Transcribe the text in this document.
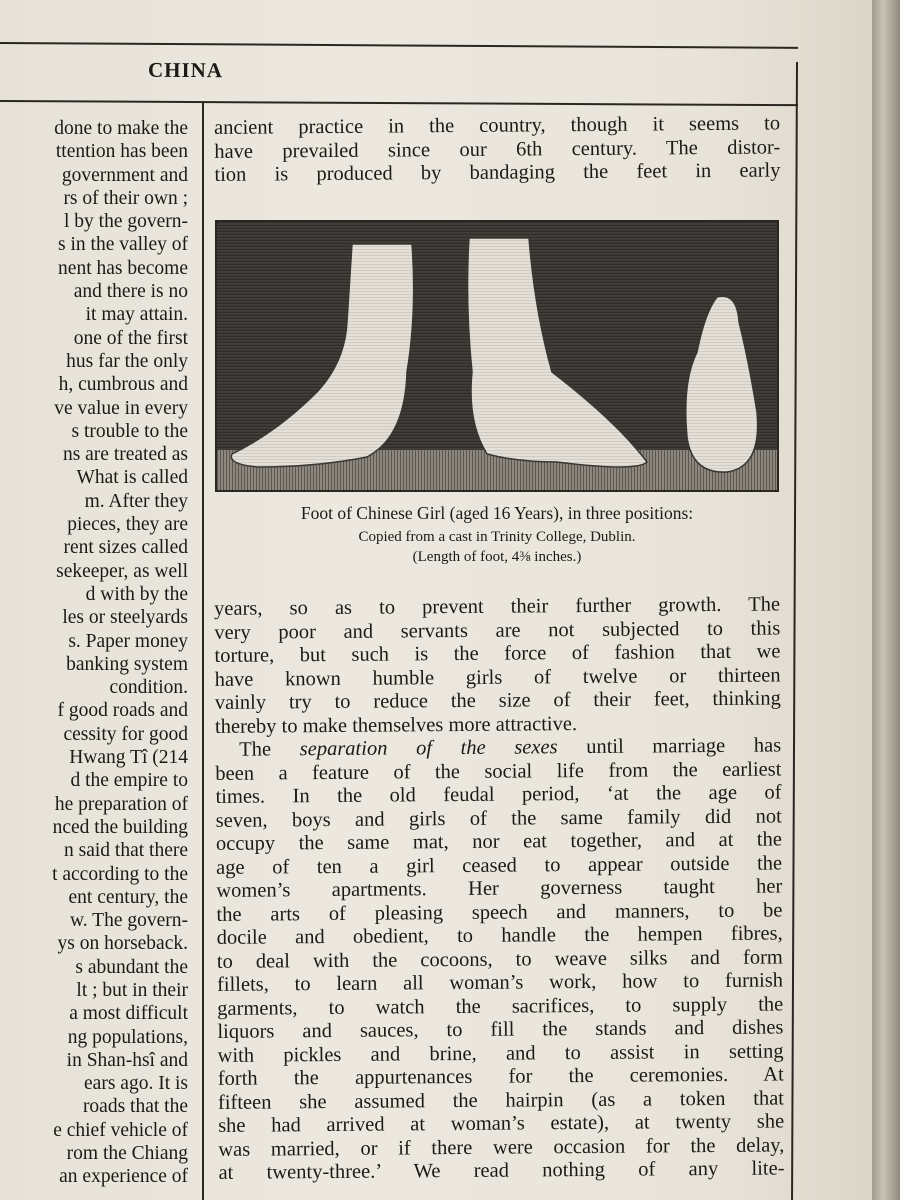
CHINA
done to make the
ttention has been
government and
rs of their own ;
l by the govern-
s in the valley of
nent has become
and there is no
it may attain.
one of the first
hus far the only
h, cumbrous and
ve value in every
s trouble to the
ns are treated as
What is called
m. After they
pieces, they are
rent sizes called
sekeeper, as well
d with by the
les or steelyards
s. Paper money
banking system
condition.
f good roads and
cessity for good
Hwang Tî (214
d the empire to
he preparation of
nced the building
n said that there
t according to the
ent century, the
w. The govern-
ys on horseback.
s abundant the
lt ; but in their
a most difficult
ng populations,
in Shan-hsî and
ears ago. It is
roads that the
e chief vehicle of
rom the Chiang
an experience of
ancient practice in the country, though it seems to
have prevailed since our 6th century. The distor-
tion is produced by bandaging the feet in early
Foot of Chinese Girl (aged 16 Years), in three positions:
Copied from a cast in Trinity College, Dublin.
(Length of foot, 4⅜ inches.)
years, so as to prevent their further growth. The
very poor and servants are not subjected to this
torture, but such is the force of fashion that we
have known humble girls of twelve or thirteen
vainly try to reduce the size of their feet, thinking
thereby to make themselves more attractive.
The separation of the sexes until marriage has
been a feature of the social life from the earliest
times. In the old feudal period, ‘at the age of
seven, boys and girls of the same family did not
occupy the same mat, nor eat together, and at the
age of ten a girl ceased to appear outside the
women’s apartments. Her governess taught her
the arts of pleasing speech and manners, to be
docile and obedient, to handle the hempen fibres,
to deal with the cocoons, to weave silks and form
fillets, to learn all woman’s work, how to furnish
garments, to watch the sacrifices, to supply the
liquors and sauces, to fill the stands and dishes
with pickles and brine, and to assist in setting
forth the appurtenances for the ceremonies. At
fifteen she assumed the hairpin (as a token that
she had arrived at woman’s estate), at twenty she
was married, or if there were occasion for the delay,
at twenty-three.’ We read nothing of any lite-
